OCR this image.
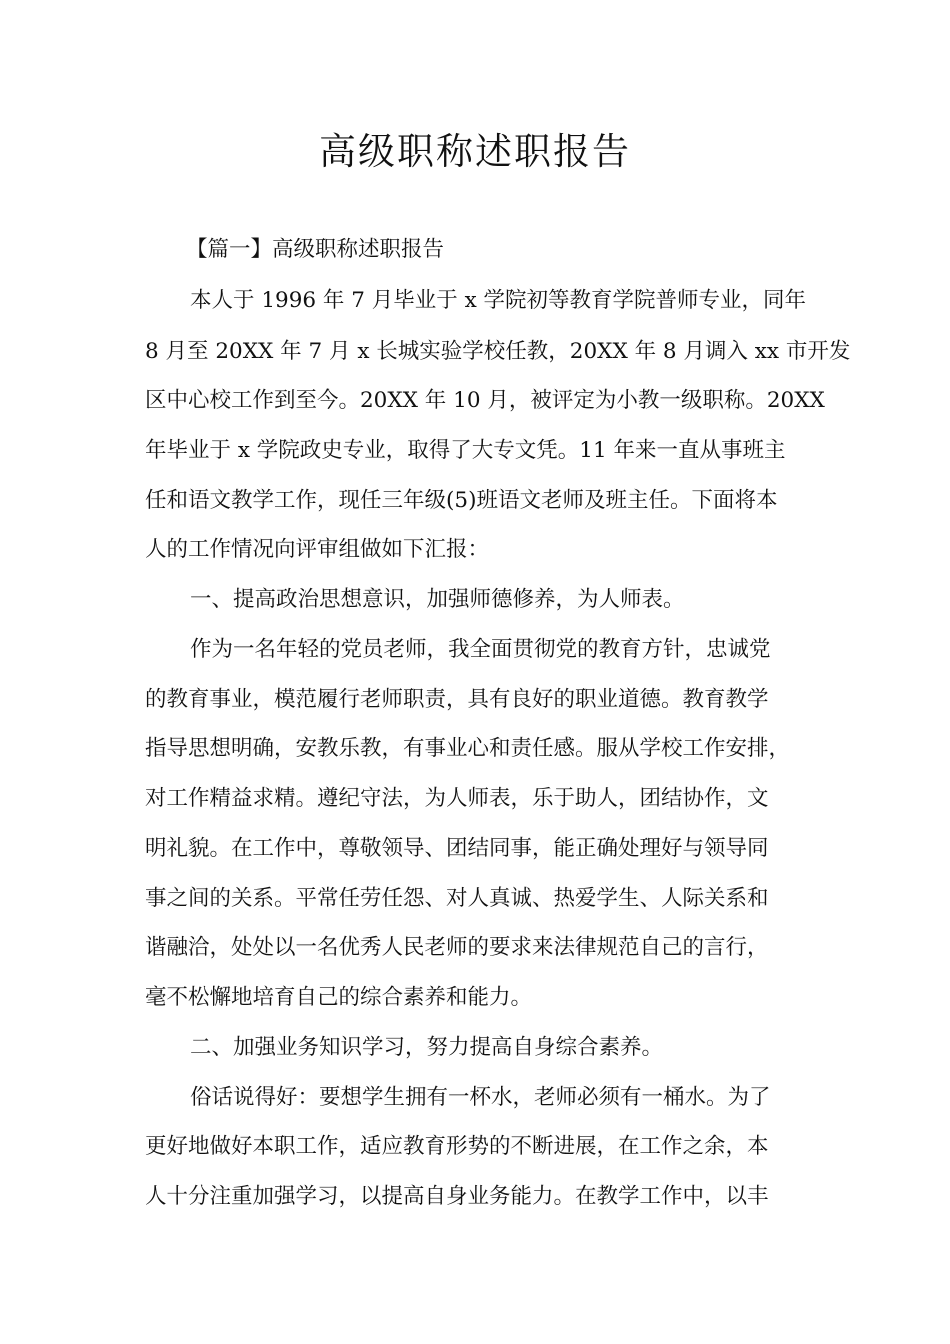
高级职称述职报告

【篇一】高级职称述职报告

本人于 1996 年 7 月毕业于 x 学院初等教育学院普师专业，同年

8 月至 20XX 年 7 月 x 长城实验学校任教，20XX 年 8 月调入 xx 市开发

区中心校工作到至今。20XX 年 10 月，被评定为小教一级职称。20XX

年毕业于 x 学院政史专业，取得了大专文凭。11 年来一直从事班主

任和语文教学工作，现任三年级(5)班语文老师及班主任。下面将本

人的工作情况向评审组做如下汇报：

一、提高政治思想意识，加强师德修养，为人师表。

作为一名年轻的党员老师，我全面贯彻党的教育方针，忠诚党

的教育事业，模范履行老师职责，具有良好的职业道德。教育教学

指导思想明确，安教乐教，有事业心和责任感。服从学校工作安排，

对工作精益求精。遵纪守法，为人师表，乐于助人，团结协作，文

明礼貌。在工作中，尊敬领导、团结同事，能正确处理好与领导同

事之间的关系。平常任劳任怨、对人真诚、热爱学生、人际关系和

谐融洽，处处以一名优秀人民老师的要求来法律规范自己的言行，

毫不松懈地培育自己的综合素养和能力。

二、加强业务知识学习，努力提高自身综合素养。

俗话说得好：要想学生拥有一杯水，老师必须有一桶水。为了

更好地做好本职工作，适应教育形势的不断进展，在工作之余，本

人十分注重加强学习，以提高自身业务能力。在教学工作中，以丰
